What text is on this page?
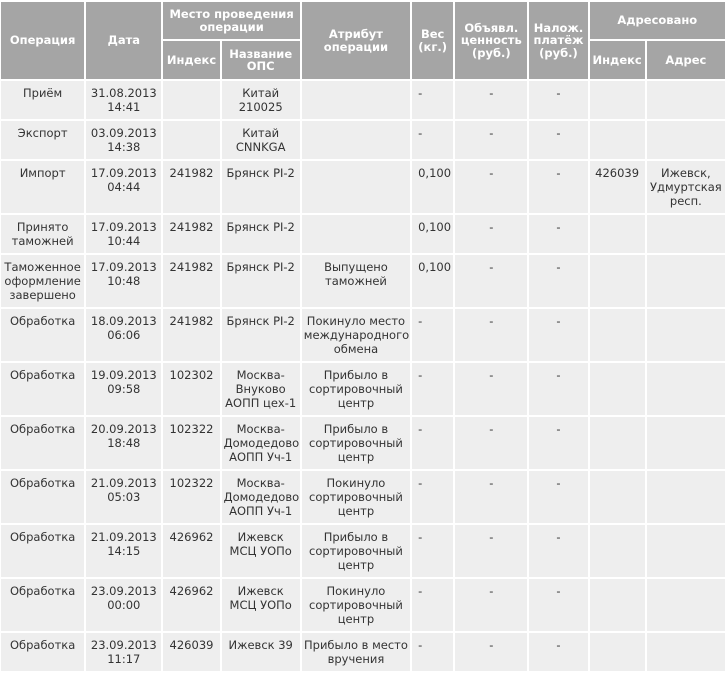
Операция	Дата	Место проведения операции		Атрибут операции	Вес (кг.)	Объявл. ценность (руб.)	Налож. платёж (руб.)	Адресовано	
		Индекс	Название ОПС					Индекс	Адрес
Приём	31.08.2013 14:41		Китай 210025		-	-	-		
Экспорт	03.09.2013 14:38		Китай CNNKGA		-	-	-		
Импорт	17.09.2013 04:44	241982	Брянск PI-2		0,100	-	-	426039	Ижевск, Удмуртская респ.
Принято таможней	17.09.2013 10:44	241982	Брянск PI-2		0,100	-	-		
Таможенное оформление завершено	17.09.2013 10:48	241982	Брянск PI-2	Выпущено таможней	0,100	-	-		
Обработка	18.09.2013 06:06	241982	Брянск PI-2	Покинуло место международного обмена	-	-	-		
Обработка	19.09.2013 09:58	102302	Москва-Внуково АОПП цех-1	Прибыло в сортировочный центр	-	-	-		
Обработка	20.09.2013 18:48	102322	Москва-Домодедово АОПП Уч-1	Прибыло в сортировочный центр	-	-	-		
Обработка	21.09.2013 05:03	102322	Москва-Домодедово АОПП Уч-1	Покинуло сортировочный центр	-	-	-		
Обработка	21.09.2013 14:15	426962	Ижевск МСЦ УОПо	Прибыло в сортировочный центр	-	-	-		
Обработка	23.09.2013 00:00	426962	Ижевск МСЦ УОПо	Покинуло сортировочный центр	-	-	-		
Обработка	23.09.2013 11:17	426039	Ижевск 39	Прибыло в место вручения	-	-	-		
